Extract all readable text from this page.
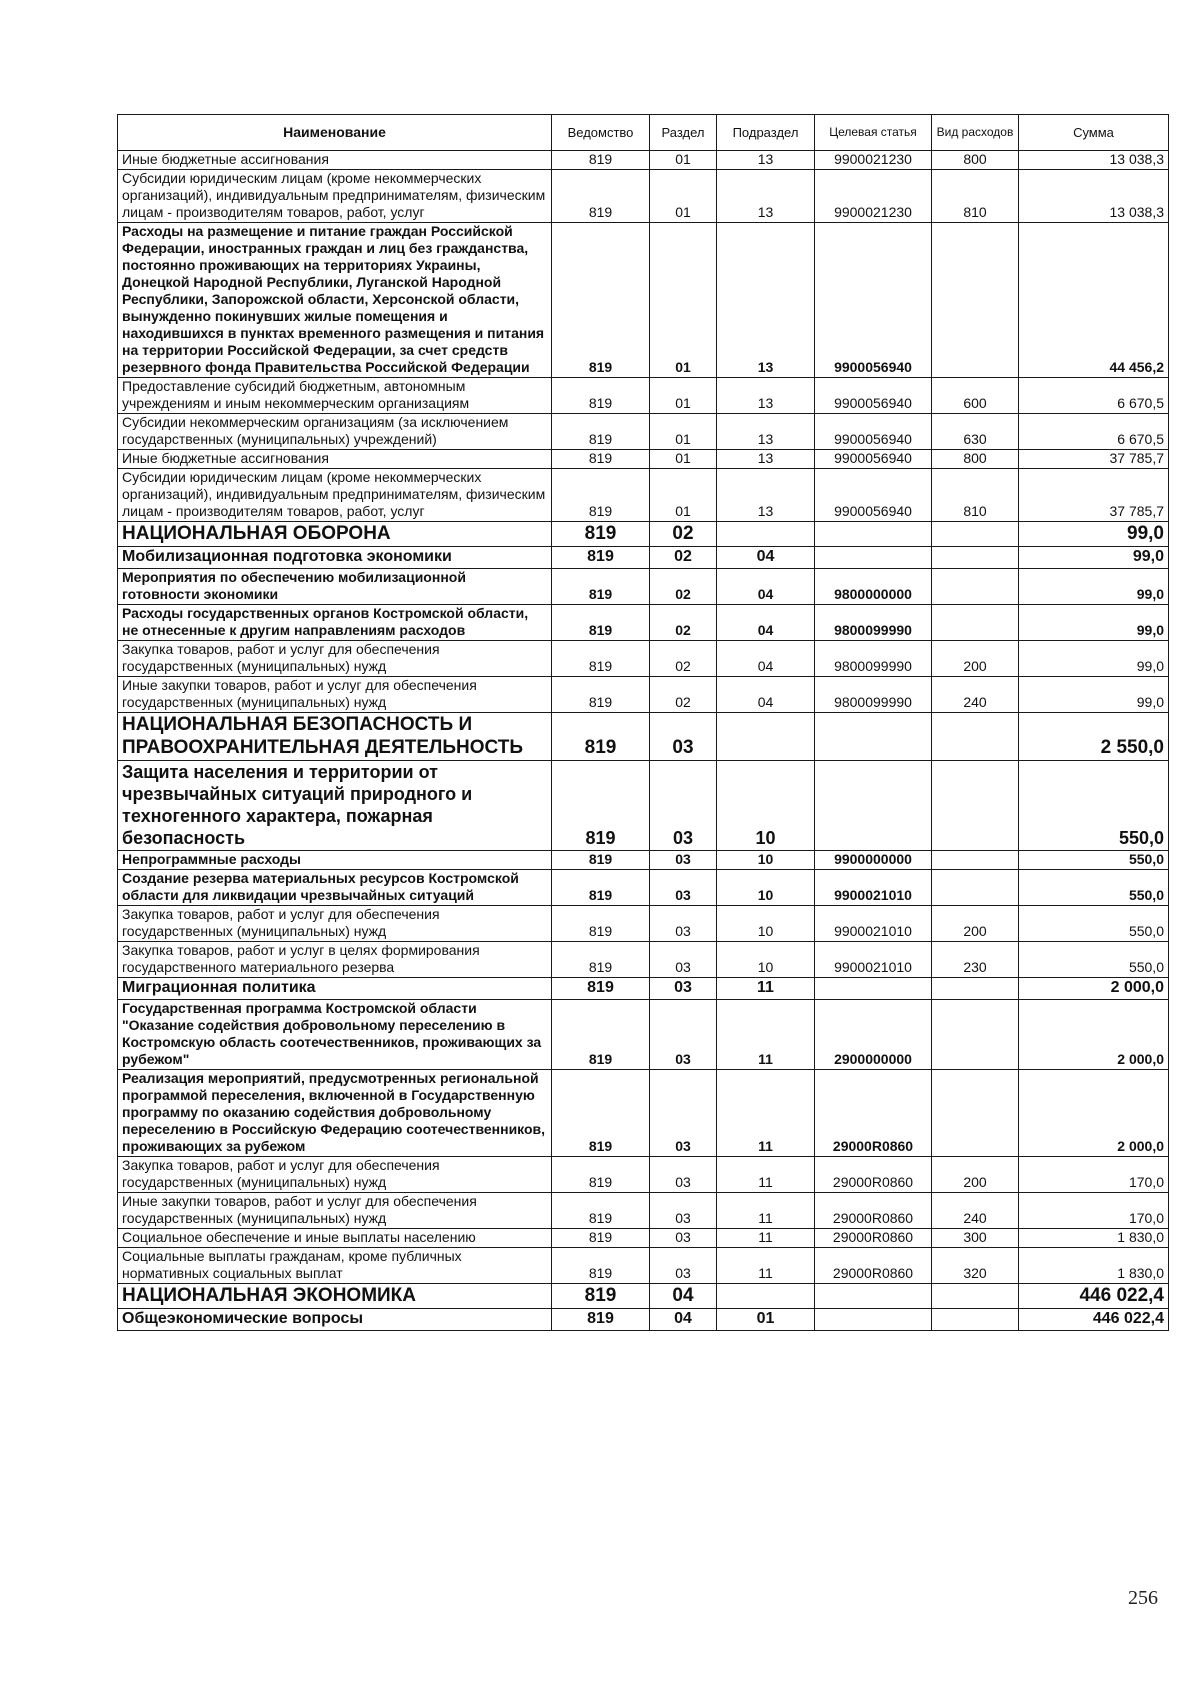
Наименование	Ведомство	Раздел	Подраздел	Целевая статья	Вид расходов	Сумма
Иные бюджетные ассигнования	819	01	13	9900021230	800	13 038,3
Субсидии юридическим лицам (кроме некоммерческих организаций), индивидуальным предпринимателям, физическим лицам - производителям товаров, работ, услуг	819	01	13	9900021230	810	13 038,3
Расходы на размещение и питание граждан Российской Федерации, иностранных граждан и лиц без гражданства, постоянно проживающих на территориях Украины, Донецкой Народной Республики, Луганской Народной Республики, Запорожской области, Херсонской области, вынужденно покинувших жилые помещения и находившихся в пунктах временного размещения и питания на территории Российской Федерации, за счет средств резервного фонда Правительства Российской Федерации	819	01	13	9900056940		44 456,2
Предоставление субсидий бюджетным, автономным учреждениям и иным некоммерческим организациям	819	01	13	9900056940	600	6 670,5
Субсидии некоммерческим организациям (за исключением государственных (муниципальных) учреждений)	819	01	13	9900056940	630	6 670,5
Иные бюджетные ассигнования	819	01	13	9900056940	800	37 785,7
Субсидии юридическим лицам (кроме некоммерческих организаций), индивидуальным предпринимателям, физическим лицам - производителям товаров, работ, услуг	819	01	13	9900056940	810	37 785,7
НАЦИОНАЛЬНАЯ ОБОРОНА	819	02				99,0
Мобилизационная подготовка экономики	819	02	04			99,0
Мероприятия по обеспечению мобилизационной готовности экономики	819	02	04	9800000000		99,0
Расходы государственных органов Костромской области, не отнесенные к другим направлениям расходов	819	02	04	9800099990		99,0
Закупка товаров, работ и услуг для обеспечения государственных (муниципальных) нужд	819	02	04	9800099990	200	99,0
Иные закупки товаров, работ и услуг для обеспечения государственных (муниципальных) нужд	819	02	04	9800099990	240	99,0
НАЦИОНАЛЬНАЯ БЕЗОПАСНОСТЬ И ПРАВООХРАНИТЕЛЬНАЯ ДЕЯТЕЛЬНОСТЬ	819	03				2 550,0
Защита населения и территории от чрезвычайных ситуаций природного и техногенного характера, пожарная безопасность	819	03	10			550,0
Непрограммные расходы	819	03	10	9900000000		550,0
Создание резерва материальных ресурсов Костромской области для ликвидации чрезвычайных ситуаций	819	03	10	9900021010		550,0
Закупка товаров, работ и услуг для обеспечения государственных (муниципальных) нужд	819	03	10	9900021010	200	550,0
Закупка товаров, работ и услуг в целях формирования государственного материального резерва	819	03	10	9900021010	230	550,0
Миграционная политика	819	03	11			2 000,0
Государственная программа Костромской области "Оказание содействия добровольному переселению в Костромскую область соотечественников, проживающих за рубежом"	819	03	11	2900000000		2 000,0
Реализация мероприятий, предусмотренных региональной программой переселения, включенной в Государственную программу по оказанию содействия добровольному переселению в Российскую Федерацию соотечественников, проживающих за рубежом	819	03	11	29000R0860		2 000,0
Закупка товаров, работ и услуг для обеспечения государственных (муниципальных) нужд	819	03	11	29000R0860	200	170,0
Иные закупки товаров, работ и услуг для обеспечения государственных (муниципальных) нужд	819	03	11	29000R0860	240	170,0
Социальное обеспечение и иные выплаты населению	819	03	11	29000R0860	300	1 830,0
Социальные выплаты гражданам, кроме публичных нормативных социальных выплат	819	03	11	29000R0860	320	1 830,0
НАЦИОНАЛЬНАЯ ЭКОНОМИКА	819	04				446 022,4
Общеэкономические вопросы	819	04	01			446 022,4
256
